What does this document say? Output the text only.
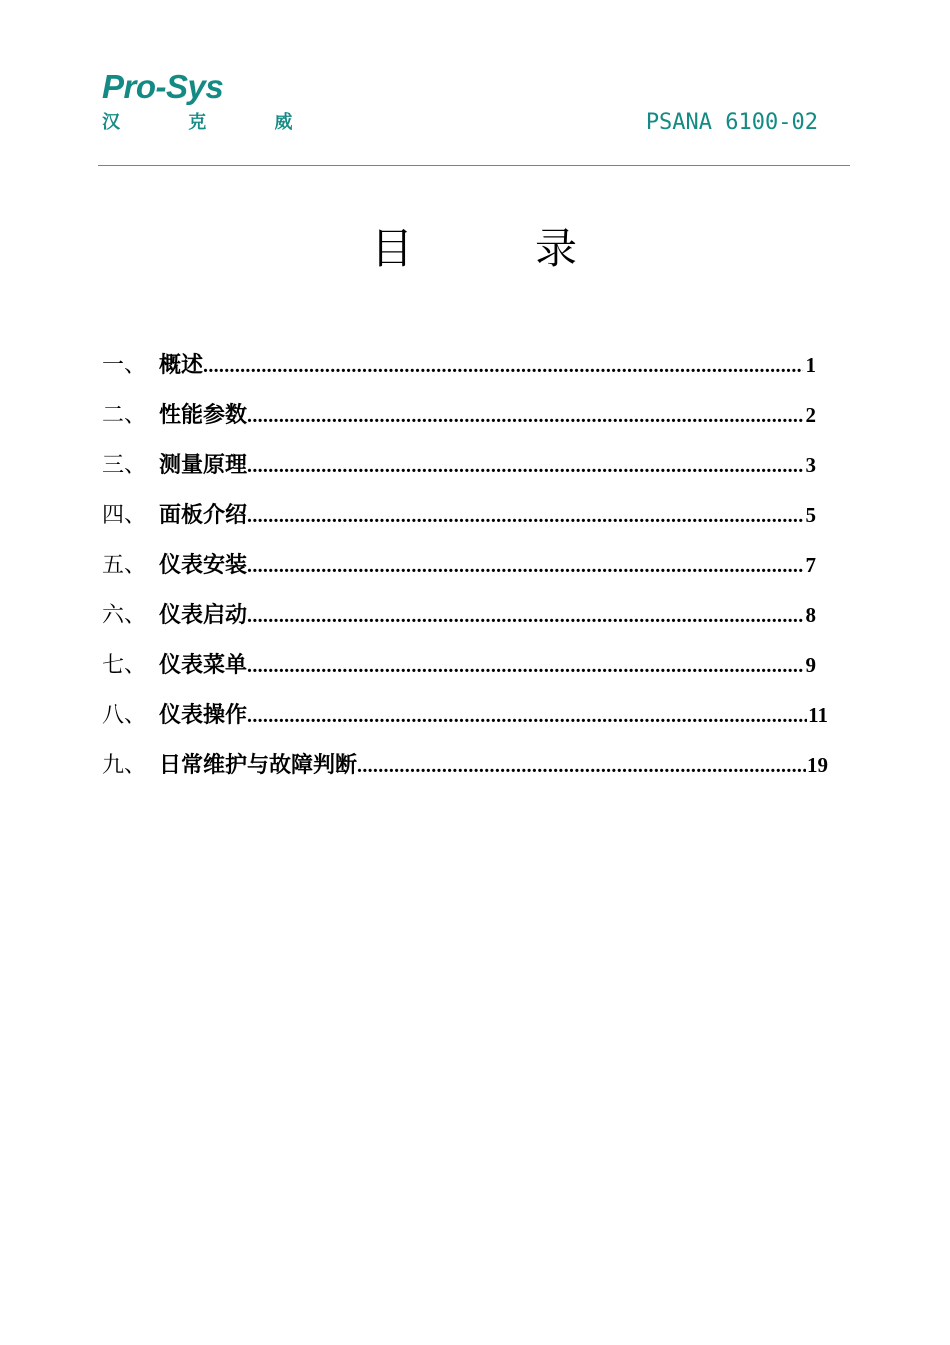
Pro-Sys
汉 克 威	PSANA 6100-02
目	录
一、 概述 .....	1
二、 性能参数 .....	2
三、 测量原理 .....	3
四、 面板介绍 .....	5
五、 仪表安装 .....	7
六、 仪表启动 .....	8
七、 仪表菜单 .....	9
八、 仪表操作 .....	11
九、 日常维护与故障判断 .....	19
